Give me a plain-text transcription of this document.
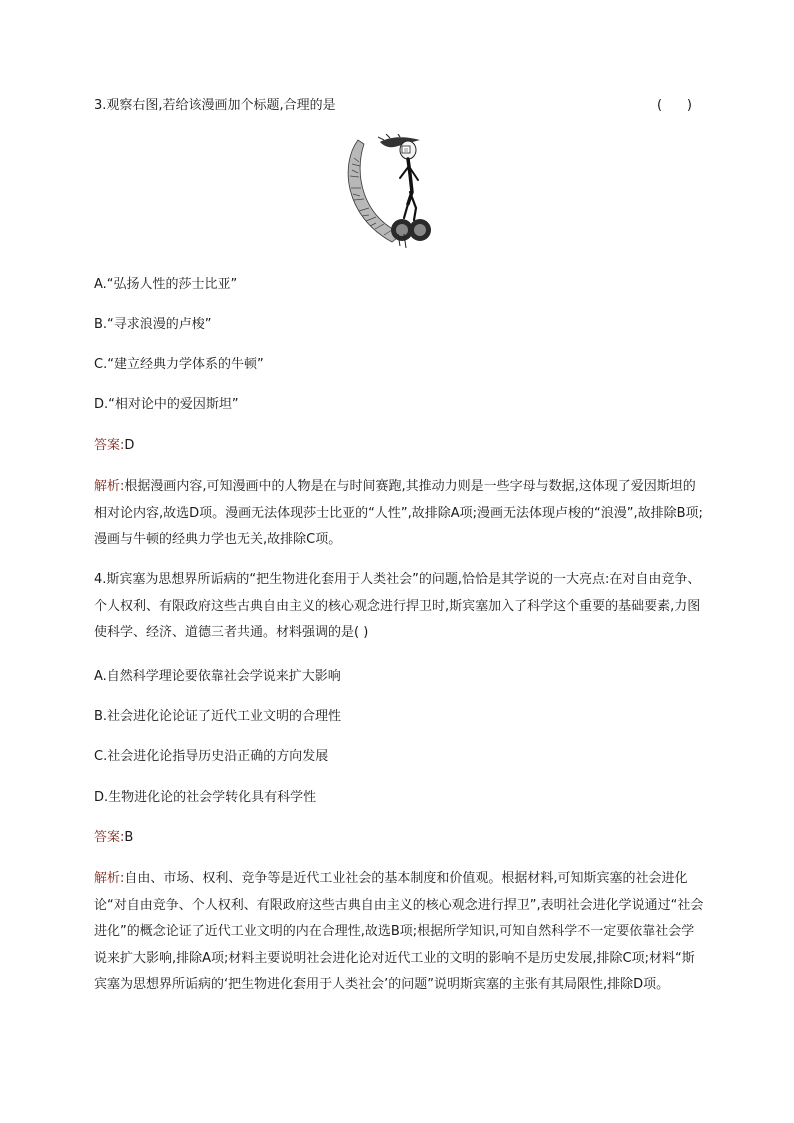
3.观察右图,若给该漫画加个标题,合理的是	(      )
A.“弘扬人性的莎士比亚”
B.“寻求浪漫的卢梭”
C.“建立经典力学体系的牛顿”
D.“相对论中的爱因斯坦”
答案:D
解析:根据漫画内容,可知漫画中的人物是在与时间赛跑,其推动力则是一些字母与数据,这体现了爱因斯坦的相对论内容,故选D项。漫画无法体现莎士比亚的“人性”,故排除A项;漫画无法体现卢梭的“浪漫”,故排除B项;漫画与牛顿的经典力学也无关,故排除C项。
4.斯宾塞为思想界所诟病的“把生物进化套用于人类社会”的问题,恰恰是其学说的一大亮点:在对自由竞争、个人权利、有限政府这些古典自由主义的核心观念进行捍卫时,斯宾塞加入了科学这个重要的基础要素,力图使科学、经济、道德三者共通。材料强调的是( )
A.自然科学理论要依靠社会学说来扩大影响
B.社会进化论论证了近代工业文明的合理性
C.社会进化论指导历史沿正确的方向发展
D.生物进化论的社会学转化具有科学性
答案:B
解析:自由、市场、权利、竞争等是近代工业社会的基本制度和价值观。根据材料,可知斯宾塞的社会进化论“对自由竞争、个人权利、有限政府这些古典自由主义的核心观念进行捍卫”,表明社会进化学说通过“社会进化”的概念论证了近代工业文明的内在合理性,故选B项;根据所学知识,可知自然科学不一定要依靠社会学说来扩大影响,排除A项;材料主要说明社会进化论对近代工业的文明的影响不是历史发展,排除C项;材料“斯宾塞为思想界所诟病的‘把生物进化套用于人类社会’的问题”说明斯宾塞的主张有其局限性,排除D项。
